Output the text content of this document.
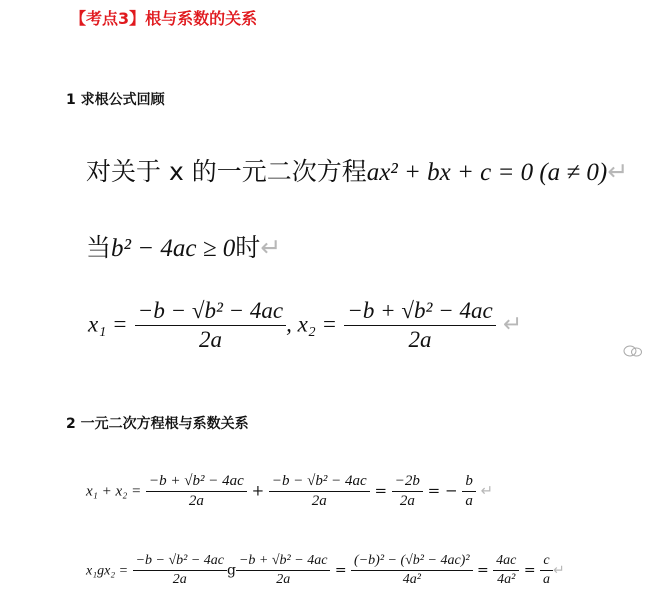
【考点3】根与系数的关系
1 求根公式回顾
对关于 x 的一元二次方程ax² + bx + c = 0 (a ≠ 0)↵
当b² − 4ac ≥ 0时↵
$x_1 = \frac{\text{−b − √b² − 4ac}}{2a}$ , $x_2 = \frac{\text{−b + √b² − 4ac}}{2a}$ ↵
2 一元二次方程根与系数关系
$x_1 + x_2 = \frac{\text{−b + √b² − 4ac}}{2a} + \frac{\text{−b − √b² − 4ac}}{2a} = \frac{-2b}{2a}$ = − $\frac{b}{a}$ ↵
$x_1gx_2 = \frac{\text{−b − √b² − 4ac}}{2a}$ g $\frac{\text{−b + √b² − 4ac}}{2a} = \frac{\text{(−b)² − (√b² − 4ac)²}}{\text{4a²}} = \frac{4ac}{\text{4a²}} = \frac{c}{a}$ ↵
